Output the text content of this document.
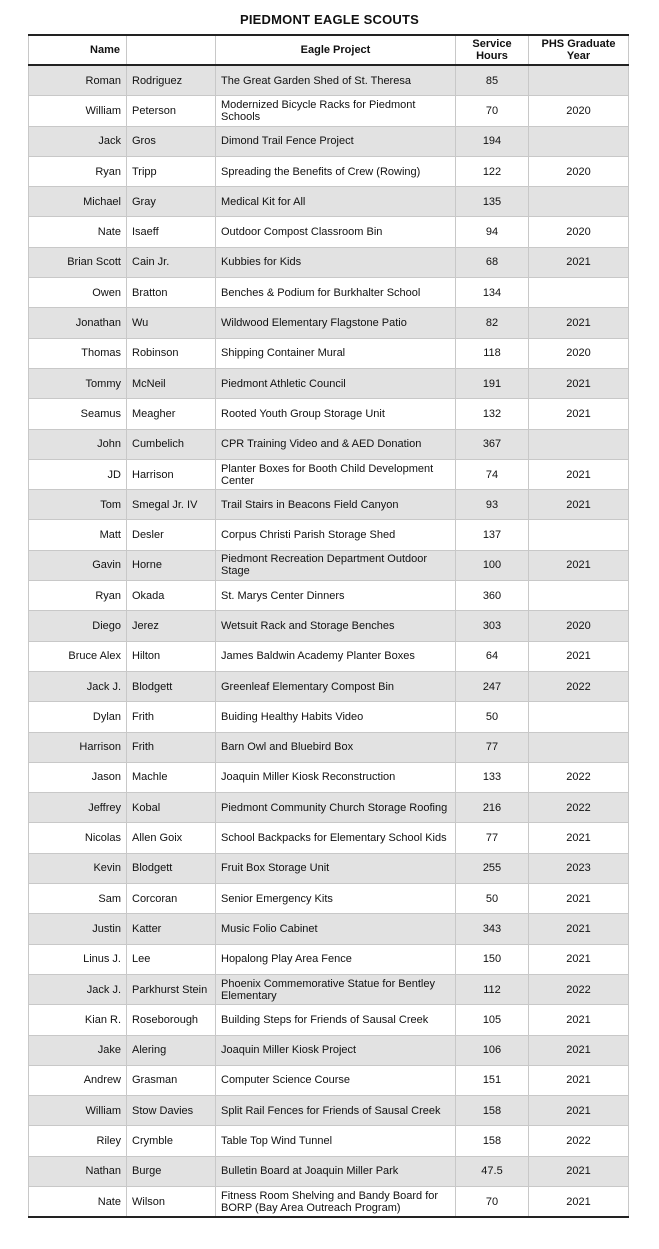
PIEDMONT EAGLE SCOUTS
Name		Eagle Project	Service Hours	PHS Graduate Year
Roman	Rodriguez	The Great Garden Shed of St. Theresa	85	
William	Peterson	Modernized Bicycle Racks for Piedmont Schools	70	2020
Jack	Gros	Dimond Trail Fence Project	194	
Ryan	Tripp	Spreading the Benefits of Crew (Rowing)	122	2020
Michael	Gray	Medical Kit for All	135	
Nate	Isaeff	Outdoor Compost Classroom Bin	94	2020
Brian Scott	Cain Jr.	Kubbies for Kids	68	2021
Owen	Bratton	Benches & Podium for Burkhalter School	134	
Jonathan	Wu	Wildwood Elementary Flagstone Patio	82	2021
Thomas	Robinson	Shipping Container Mural	118	2020
Tommy	McNeil	Piedmont Athletic Council	191	2021
Seamus	Meagher	Rooted Youth Group Storage Unit	132	2021
John	Cumbelich	CPR Training Video and & AED Donation	367	
JD	Harrison	Planter Boxes for Booth Child Development Center	74	2021
Tom	Smegal Jr. IV	Trail Stairs in Beacons Field Canyon	93	2021
Matt	Desler	Corpus Christi Parish Storage Shed	137	
Gavin	Horne	Piedmont Recreation Department Outdoor Stage	100	2021
Ryan	Okada	St. Marys Center Dinners	360	
Diego	Jerez	Wetsuit Rack and Storage Benches	303	2020
Bruce Alex	Hilton	James Baldwin Academy Planter Boxes	64	2021
Jack J.	Blodgett	Greenleaf Elementary Compost Bin	247	2022
Dylan	Frith	Buiding Healthy Habits Video	50	
Harrison	Frith	Barn Owl and Bluebird Box	77	
Jason	Machle	Joaquin Miller Kiosk Reconstruction	133	2022
Jeffrey	Kobal	Piedmont Community Church Storage Roofing	216	2022
Nicolas	Allen Goix	School Backpacks for Elementary School Kids	77	2021
Kevin	Blodgett	Fruit Box Storage Unit	255	2023
Sam	Corcoran	Senior Emergency Kits	50	2021
Justin	Katter	Music Folio Cabinet	343	2021
Linus J.	Lee	Hopalong Play Area Fence	150	2021
Jack J.	Parkhurst Stein	Phoenix Commemorative Statue for Bentley Elementary	112	2022
Kian R.	Roseborough	Building Steps for Friends of Sausal Creek	105	2021
Jake	Alering	Joaquin Miller Kiosk Project	106	2021
Andrew	Grasman	Computer Science Course	151	2021
William	Stow Davies	Split Rail Fences for Friends of Sausal Creek	158	2021
Riley	Crymble	Table Top Wind Tunnel	158	2022
Nathan	Burge	Bulletin Board at Joaquin Miller Park	47.5	2021
Nate	Wilson	Fitness Room Shelving and Bandy Board for BORP (Bay Area Outreach Program)	70	2021
